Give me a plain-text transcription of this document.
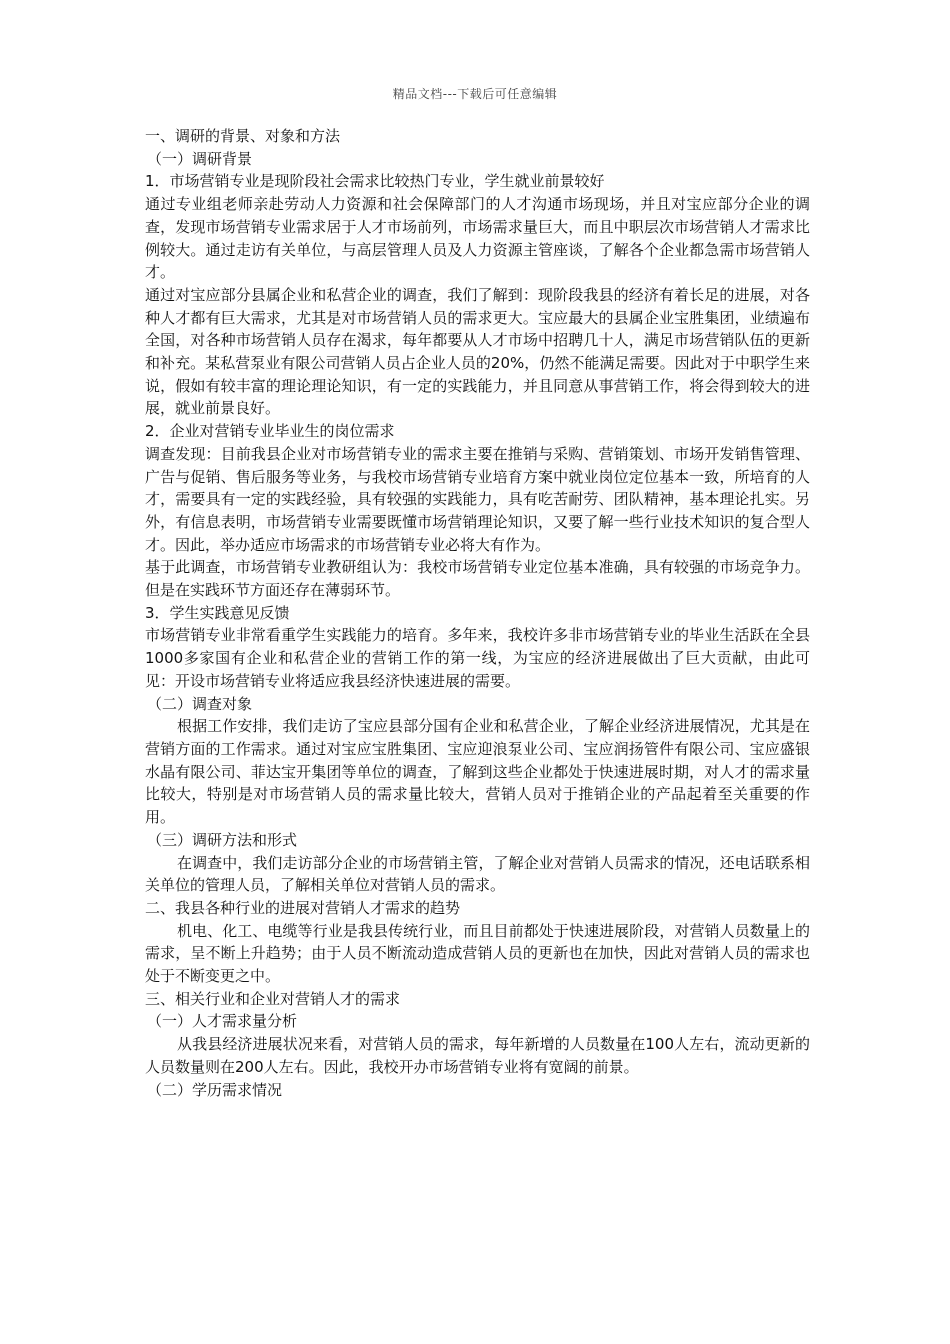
精品文档---下载后可任意编辑

一、调研的背景、对象和方法

（一）调研背景

1．市场营销专业是现阶段社会需求比较热门专业，学生就业前景较好

通过专业组老师亲赴劳动人力资源和社会保障部门的人才沟通市场现场，并且对宝应部分企业的调查，发现市场营销专业需求居于人才市场前列，市场需求量巨大，而且中职层次市场营销人才需求比例较大。通过走访有关单位，与高层管理人员及人力资源主管座谈，了解各个企业都急需市场营销人才。

通过对宝应部分县属企业和私营企业的调查，我们了解到：现阶段我县的经济有着长足的进展，对各种人才都有巨大需求，尤其是对市场营销人员的需求更大。宝应最大的县属企业宝胜集团，业绩遍布全国，对各种市场营销人员存在渴求，每年都要从人才市场中招聘几十人，满足市场营销队伍的更新和补充。某私营泵业有限公司营销人员占企业人员的20%，仍然不能满足需要。因此对于中职学生来说，假如有较丰富的理论理论知识，有一定的实践能力，并且同意从事营销工作，将会得到较大的进展，就业前景良好。

2．企业对营销专业毕业生的岗位需求

调查发现：目前我县企业对市场营销专业的需求主要在推销与采购、营销策划、市场开发销售管理、广告与促销、售后服务等业务，与我校市场营销专业培育方案中就业岗位定位基本一致，所培育的人才，需要具有一定的实践经验，具有较强的实践能力，具有吃苦耐劳、团队精神，基本理论扎实。另外，有信息表明，市场营销专业需要既懂市场营销理论知识，又要了解一些行业技术知识的复合型人才。因此，举办适应市场需求的市场营销专业必将大有作为。

基于此调查，市场营销专业教研组认为：我校市场营销专业定位基本准确，具有较强的市场竞争力。但是在实践环节方面还存在薄弱环节。

3．学生实践意见反馈

市场营销专业非常看重学生实践能力的培育。多年来，我校许多非市场营销专业的毕业生活跃在全县1000多家国有企业和私营企业的营销工作的第一线，为宝应的经济进展做出了巨大贡献，由此可见：开设市场营销专业将适应我县经济快速进展的需要。

（二）调查对象

根据工作安排，我们走访了宝应县部分国有企业和私营企业，了解企业经济进展情况，尤其是在营销方面的工作需求。通过对宝应宝胜集团、宝应迎浪泵业公司、宝应润扬管件有限公司、宝应盛银水晶有限公司、菲达宝开集团等单位的调查，了解到这些企业都处于快速进展时期，对人才的需求量比较大，特别是对市场营销人员的需求量比较大，营销人员对于推销企业的产品起着至关重要的作用。

（三）调研方法和形式

在调查中，我们走访部分企业的市场营销主管，了解企业对营销人员需求的情况，还电话联系相关单位的管理人员，了解相关单位对营销人员的需求。

二、我县各种行业的进展对营销人才需求的趋势

机电、化工、电缆等行业是我县传统行业，而且目前都处于快速进展阶段，对营销人员数量上的需求，呈不断上升趋势；由于人员不断流动造成营销人员的更新也在加快，因此对营销人员的需求也处于不断变更之中。

三、相关行业和企业对营销人才的需求

（一）人才需求量分析

从我县经济进展状况来看，对营销人员的需求，每年新增的人员数量在100人左右，流动更新的人员数量则在200人左右。因此，我校开办市场营销专业将有宽阔的前景。

（二）学历需求情况
